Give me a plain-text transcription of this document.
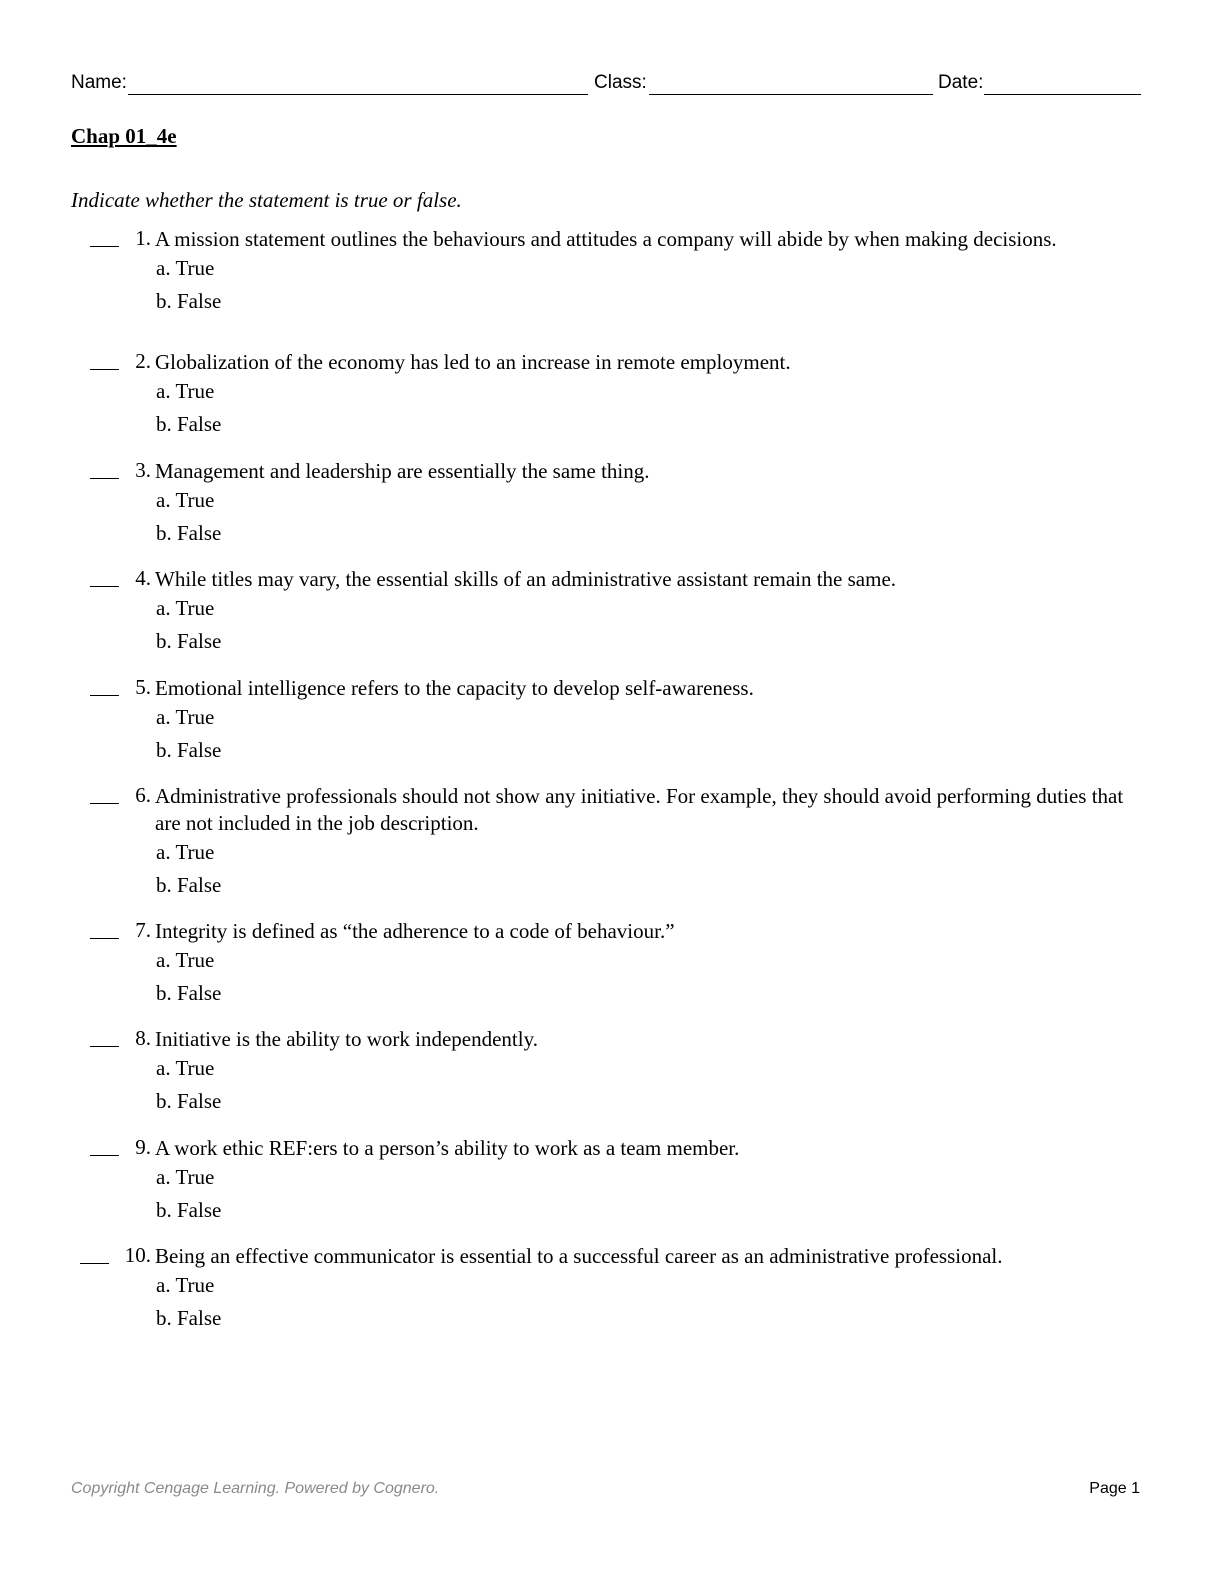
Name:	Class:	Date:
Chap 01_4e
Indicate whether the statement is true or false.
1. A mission statement outlines the behaviours and attitudes a company will abide by when making decisions.
a. True
b. False
2. Globalization of the economy has led to an increase in remote employment.
a. True
b. False
3. Management and leadership are essentially the same thing.
a. True
b. False
4. While titles may vary, the essential skills of an administrative assistant remain the same.
a. True
b. False
5. Emotional intelligence refers to the capacity to develop self-awareness.
a. True
b. False
6. Administrative professionals should not show any initiative. For example, they should avoid performing duties that are not included in the job description.
a. True
b. False
7. Integrity is defined as “the adherence to a code of behaviour.”
a. True
b. False
8. Initiative is the ability to work independently.
a. True
b. False
9. A work ethic REF:ers to a person’s ability to work as a team member.
a. True
b. False
10. Being an effective communicator is essential to a successful career as an administrative professional.
a. True
b. False
Copyright Cengage Learning. Powered by Cognero.	Page 1
